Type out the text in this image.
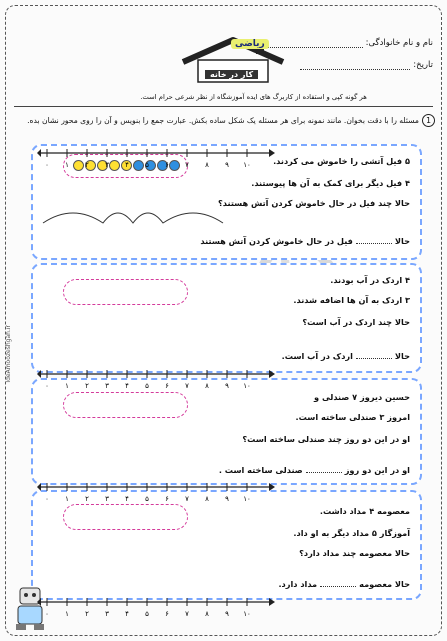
نام و نام خانوادگی:
تاریخ:
ریاضی
کار در خانه
هر گونه کپی و استفاده از کاربرگ های ایده آموزشگاه از نظر شرعی حرام است.
1مسئله را با دقت بخوان. مانند نمونه برای هر مسئله یک شکل ساده بکش. عبارت جمع را بنویس و آن را روی محور نشان بده.
۵ فیل آتشی را خاموش می کردند.
۴ فیل دیگر برای کمک به آن ها پیوستند.
حالا چند فیل در حال خاموش کردن آتش هستند؟
حالافیل در حال خاموش کردن آتش هستند
۴ اردک در آب بودند.
۳ اردک به آن ها اضافه شدند.
حالا چند اردک در آب است؟
حالااردک در آب است.
حسین دیروز ۷ صندلی و
امروز ۳ صندلی ساخته است.
او در این دو روز چند صندلی ساخته است؟
او در این دو روزصندلی ساخته است .
معصومه ۴ مداد داشت.
آموزگار ۵ مداد دیگر به او داد.
حالا معصومه چند مداد دارد؟
حالا معصومهمداد دارد.
IdeAmoozeshgah.ir
۰ ۱ ۲ ۳ ۴ ۵ ۶ ۷ ۸ ۹ ۱۰
۰ ۱ ۲ ۳ ۴ ۵ ۶ ۷ ۸ ۹ ۱۰
۰ ۱ ۲ ۳ ۴ ۵ ۶ ۷ ۸ ۹ ۱۰
۰ ۱ ۲ ۳ ۴ ۵ ۶ ۷ ۸ ۹ ۱۰
